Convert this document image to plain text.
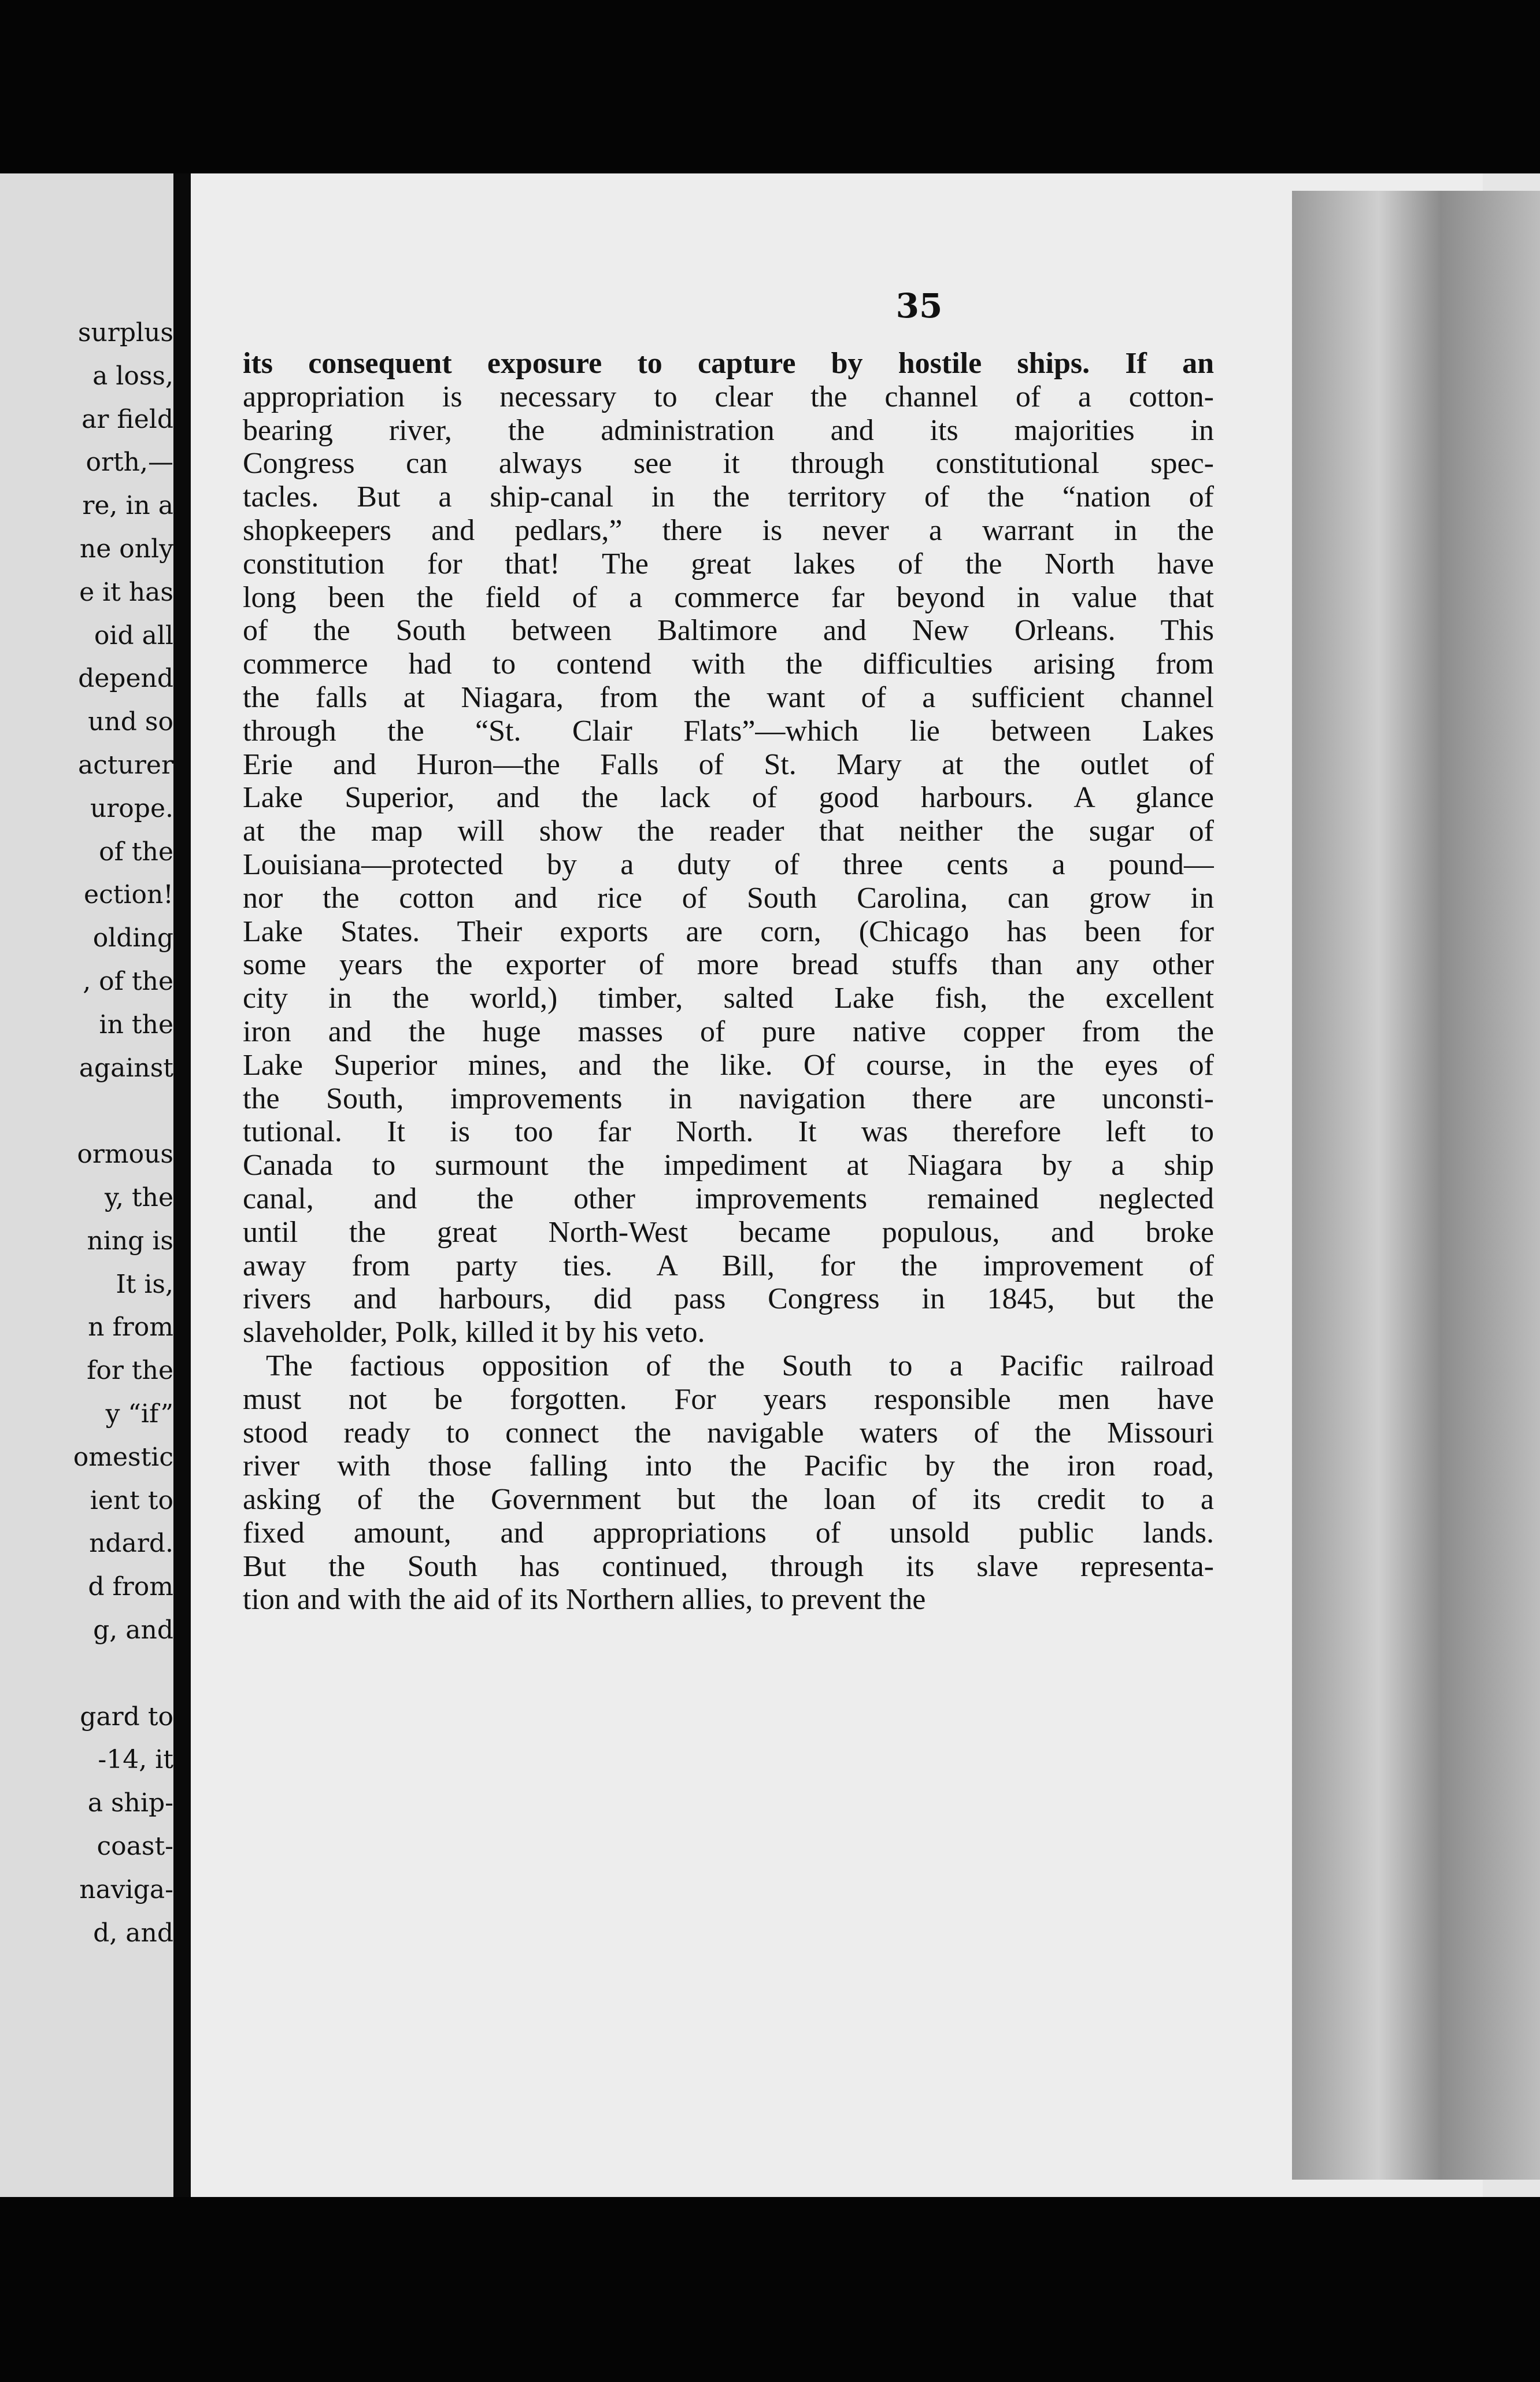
surplus
a loss,
ar field
orth,—
re, in a
ne only
e it has
oid all
depend
und so
acturer
urope.
of the
ection!
olding
, of the
in the
against
ormous
y, the
ning is
It is,
n from
for the
y “if”
omestic
ient to
ndard.
d from
g, and
gard to
-14, it
a ship-
coast-
naviga-
d, and
35
its consequent exposure to capture by hostile ships. If an
appropriation is necessary to clear the channel of a cotton-
bearing river, the administration and its majorities in
Congress can always see it through constitutional spec-
tacles. But a ship-canal in the territory of the “nation of
shopkeepers and pedlars,” there is never a warrant in the
constitution for that! The great lakes of the North have
long been the field of a commerce far beyond in value that
of the South between Baltimore and New Orleans. This
commerce had to contend with the difficulties arising from
the falls at Niagara, from the want of a sufficient channel
through the “St. Clair Flats”—which lie between Lakes
Erie and Huron—the Falls of St. Mary at the outlet of
Lake Superior, and the lack of good harbours. A glance
at the map will show the reader that neither the sugar of
Louisiana—protected by a duty of three cents a pound—
nor the cotton and rice of South Carolina, can grow in
Lake States. Their exports are corn, (Chicago has been for
some years the exporter of more bread stuffs than any other
city in the world,) timber, salted Lake fish, the excellent
iron and the huge masses of pure native copper from the
Lake Superior mines, and the like. Of course, in the eyes of
the South, improvements in navigation there are unconsti-
tutional. It is too far North. It was therefore left to
Canada to surmount the impediment at Niagara by a ship
canal, and the other improvements remained neglected
until the great North-West became populous, and broke
away from party ties. A Bill, for the improvement of
rivers and harbours, did pass Congress in 1845, but the
slaveholder, Polk, killed it by his veto.
The factious opposition of the South to a Pacific railroad
must not be forgotten. For years responsible men have
stood ready to connect the navigable waters of the Missouri
river with those falling into the Pacific by the iron road,
asking of the Government but the loan of its credit to a
fixed amount, and appropriations of unsold public lands.
But the South has continued, through its slave representa-
tion and with the aid of its Northern allies, to prevent the
